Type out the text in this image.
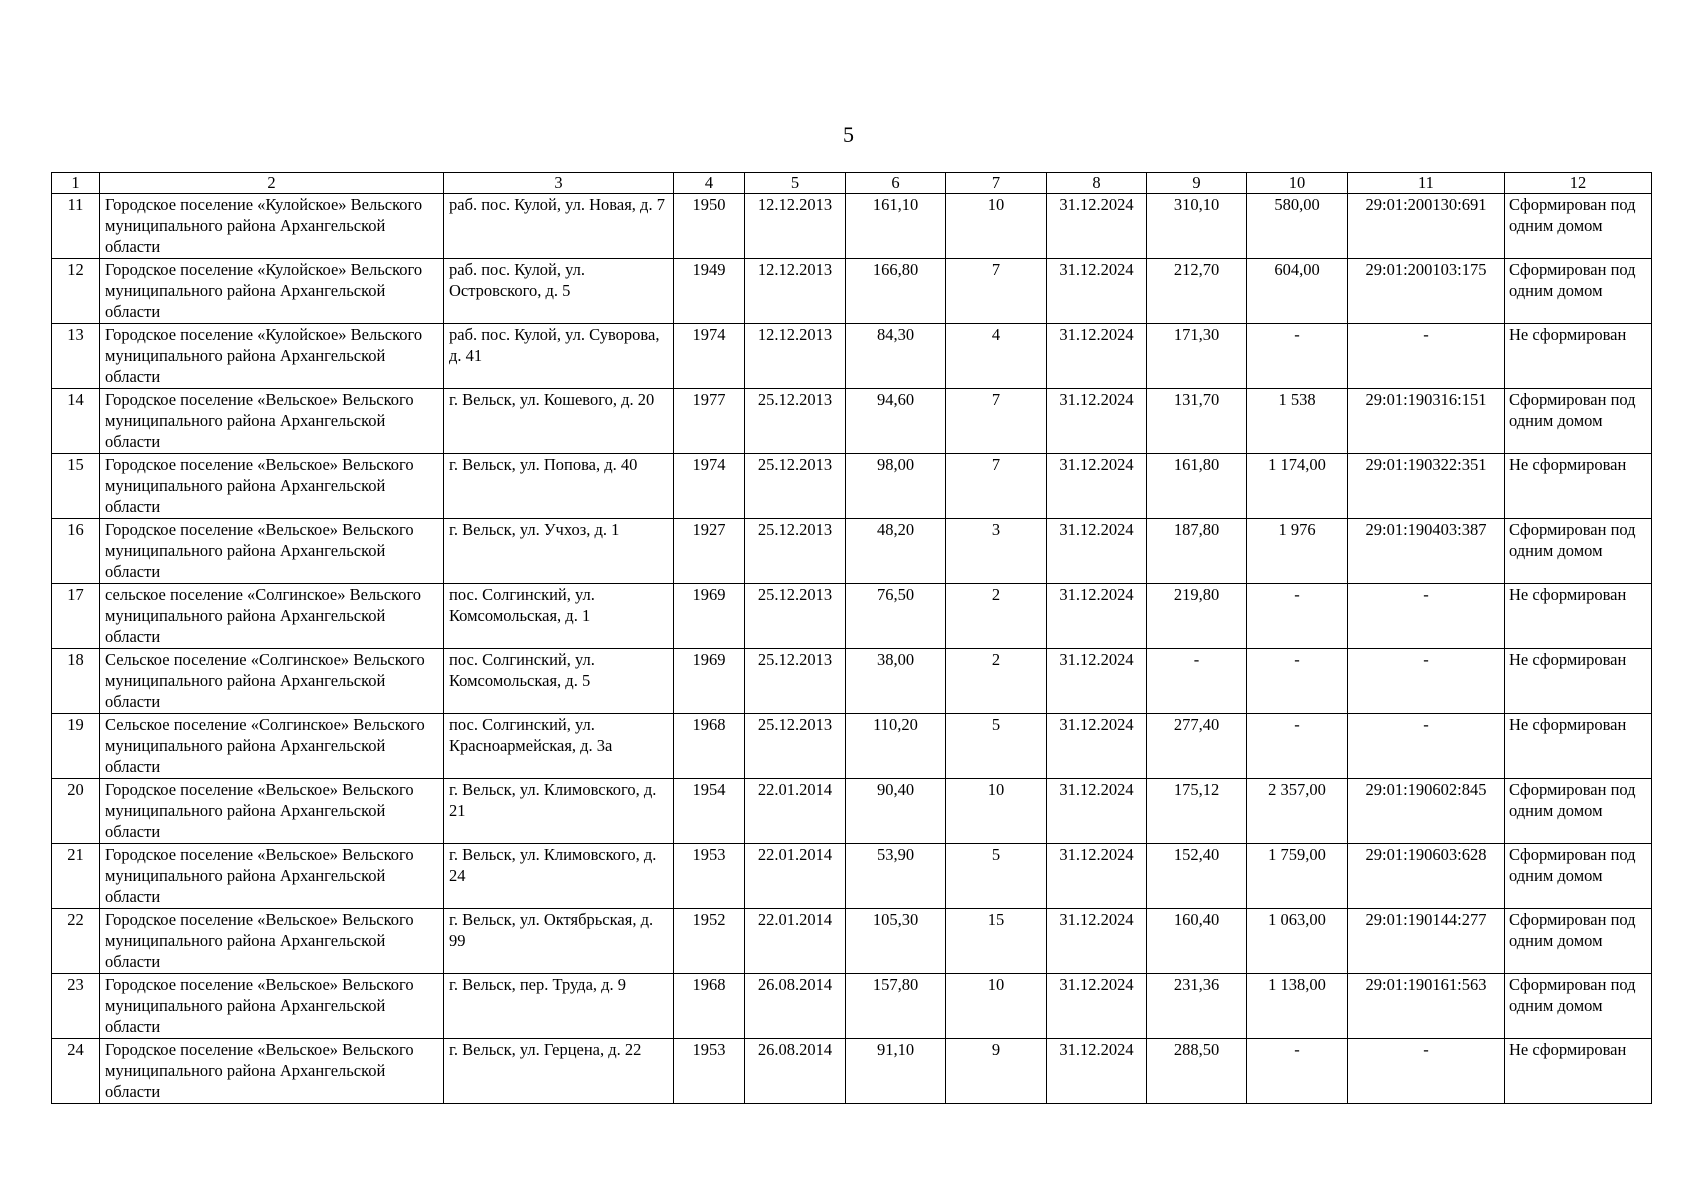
5
1	2	3	4	5	6	7	8	9	10	11	12
11	Городское поселение «Кулойское» Вельского муниципального района Архангельской области	раб. пос. Кулой, ул. Новая, д. 7	1950	12.12.2013	161,10	10	31.12.2024	310,10	580,00	29:01:200130:691	Сформирован под одним домом
12	Городское поселение «Кулойское» Вельского муниципального района Архангельской области	раб. пос. Кулой, ул. Островского, д. 5	1949	12.12.2013	166,80	7	31.12.2024	212,70	604,00	29:01:200103:175	Сформирован под одним домом
13	Городское поселение «Кулойское» Вельского муниципального района Архангельской области	раб. пос. Кулой, ул. Суворова, д. 41	1974	12.12.2013	84,30	4	31.12.2024	171,30	-	-	Не сформирован
14	Городское поселение «Вельское» Вельского муниципального района Архангельской области	г. Вельск, ул. Кошевого, д. 20	1977	25.12.2013	94,60	7	31.12.2024	131,70	1 538	29:01:190316:151	Сформирован под одним домом
15	Городское поселение «Вельское» Вельского муниципального района Архангельской области	г. Вельск, ул. Попова, д. 40	1974	25.12.2013	98,00	7	31.12.2024	161,80	1 174,00	29:01:190322:351	Не сформирован
16	Городское поселение «Вельское» Вельского муниципального района Архангельской области	г. Вельск, ул. Учхоз, д. 1	1927	25.12.2013	48,20	3	31.12.2024	187,80	1 976	29:01:190403:387	Сформирован под одним домом
17	сельское поселение «Солгинское» Вельского муниципального района Архангельской области	пос. Солгинский, ул. Комсомольская, д. 1	1969	25.12.2013	76,50	2	31.12.2024	219,80	-	-	Не сформирован
18	Сельское поселение «Солгинское» Вельского муниципального района Архангельской области	пос. Солгинский, ул. Комсомольская, д. 5	1969	25.12.2013	38,00	2	31.12.2024	-	-	-	Не сформирован
19	Сельское поселение «Солгинское» Вельского муниципального района Архангельской области	пос. Солгинский, ул. Красноармейская, д. 3а	1968	25.12.2013	110,20	5	31.12.2024	277,40	-	-	Не сформирован
20	Городское поселение «Вельское» Вельского муниципального района Архангельской области	г. Вельск, ул. Климовского, д. 21	1954	22.01.2014	90,40	10	31.12.2024	175,12	2 357,00	29:01:190602:845	Сформирован под одним домом
21	Городское поселение «Вельское» Вельского муниципального района Архангельской области	г. Вельск, ул. Климовского, д. 24	1953	22.01.2014	53,90	5	31.12.2024	152,40	1 759,00	29:01:190603:628	Сформирован под одним домом
22	Городское поселение «Вельское» Вельского муниципального района Архангельской области	г. Вельск, ул. Октябрьская, д. 99	1952	22.01.2014	105,30	15	31.12.2024	160,40	1 063,00	29:01:190144:277	Сформирован под одним домом
23	Городское поселение «Вельское» Вельского муниципального района Архангельской области	г. Вельск, пер. Труда, д. 9	1968	26.08.2014	157,80	10	31.12.2024	231,36	1 138,00	29:01:190161:563	Сформирован под одним домом
24	Городское поселение «Вельское» Вельского муниципального района Архангельской области	г. Вельск, ул. Герцена, д. 22	1953	26.08.2014	91,10	9	31.12.2024	288,50	-	-	Не сформирован
